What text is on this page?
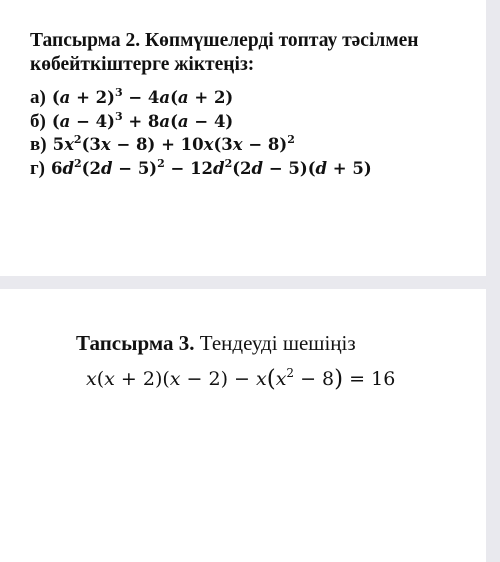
Тапсырма 2. Көпмүшелерді топтау тәсілмен
көбейткіштерге жіктеңіз:
а) $(a + 2)^3 - 4a(a + 2)$
б) $(a - 4)^3 + 8a(a - 4)$
в) $5x^2(3x - 8) + 10x(3x - 8)^2$
г) $6d^2(2d - 5)^2 - 12d^2(2d - 5)(d + 5)$
Тапсырма 3. Тендеуді шешіңіз
$x(x + 2)(x - 2) - x(x^2 - 8) = 16$
